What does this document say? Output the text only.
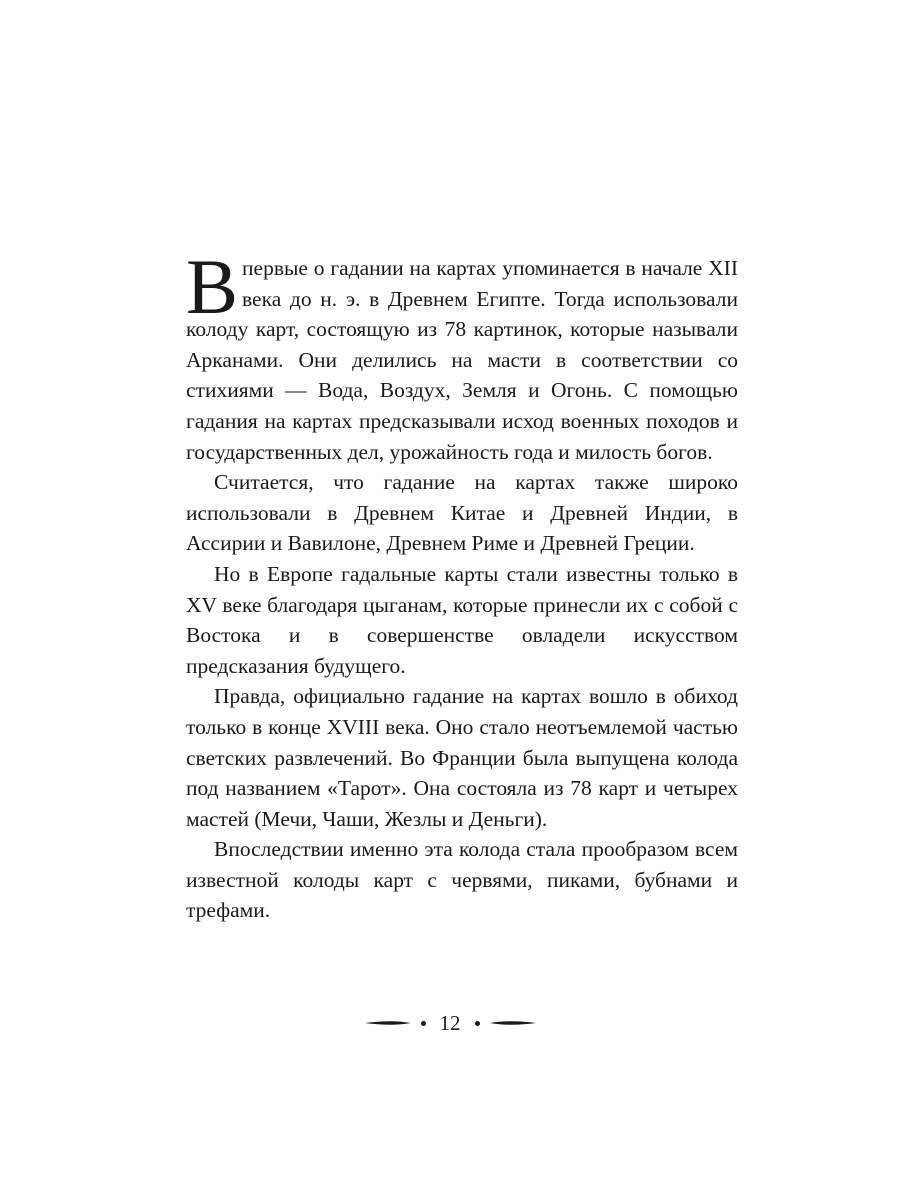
Впервые о гадании на картах упоминается в начале XII века до н. э. в Древнем Египте. Тогда использовали колоду карт, состоящую из 78 картинок, которые назывaли Арканами. Они делились на масти в соответствии со стихиями — Вода, Воздух, Земля и Огонь. С помощью гадания на картах предсказывали исход военных походов и государственных дел, урожайность года и милость богов.

Считается, что гадание на картах также широко использовали в Древнем Китае и Древней Индии, в Ассирии и Вавилоне, Древнем Риме и Древней Греции.

Но в Европе гадальные карты стали известны только в XV веке благодаря цыганам, которые принесли их с собой с Востока и в совершенстве овладели искусством предсказания будущего.

Правда, официально гадание на картах вошло в обиход только в конце XVIII века. Оно стало неотъемлемой частью светских развлечений. Во Франции была выпущена колода под названием «Тарот». Она состояла из 78 карт и четырех мастей (Мечи, Чаши, Жезлы и Деньги).

Впоследствии именно эта колода стала прообразом всем известной колоды карт с червями, пиками, бубнами и трефами.

12
